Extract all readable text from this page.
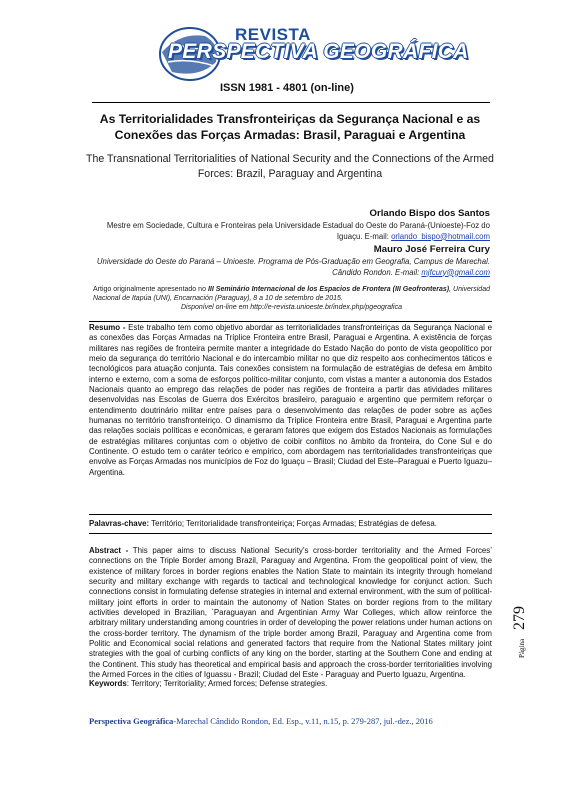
REVISTA
PERSPECTIVA GEOGRÁFICA
ISSN 1981 - 4801 (on-line)
As Territorialidades Transfronteiriças da Segurança Nacional e as Conexões das Forças Armadas: Brasil, Paraguai e Argentina
The Transnational Territorialities of National Security and the Connections of the Armed Forces: Brazil, Paraguay and Argentina
Orlando Bispo dos Santos
Mestre em Sociedade, Cultura e Fronteiras pela Universidade Estadual do Oeste do Paraná-(Unioeste)-Foz do Iguaçu. E-mail: orlando_bispo@hotmail.com
Mauro José Ferreira Cury
Universidade do Oeste do Paraná – Unioeste. Programa de Pós-Graduação em Geografia, Campus de Marechal. Cândido Rondon. E-mail: mjfcury@gmail.com
Artigo originalmente apresentado no III Seminário Internacional de los Espacios de Frontera (III Geofronteras), Universidad Nacional de Itapúa (UNI), Encarnación (Paraguay), 8 a 10 de setembro de 2015.
Disponível on-line em http://e-revista.unioeste.br/index.php/pgeografica
Resumo - Este trabalho tem como objetivo abordar as territorialidades transfronteiriças da Segurança Nacional e as conexões das Forças Armadas na Tríplice Fronteira entre Brasil, Paraguai e Argentina. A existência de forças militares nas regiões de fronteira permite manter a integridade do Estado Nação do ponto de vista geopolítico por meio da segurança do território Nacional e do intercambio militar no que diz respeito aos conhecimentos táticos e tecnológicos para atuação conjunta. Tais conexões consistem na formulação de estratégias de defesa em âmbito interno e externo, com a soma de esforços político-militar conjunto, com vistas a manter a autonomia dos Estados Nacionais quanto ao emprego das relações de poder nas regiões de fronteira a partir das atividades militares desenvolvidas nas Escolas de Guerra dos Exércitos brasileiro, paraguaio e argentino que permitem reforçar o entendimento doutrinário militar entre países para o desenvolvimento das relações de poder sobre as ações humanas no território transfronteiriço. O dinamismo da Tríplice Fronteira entre Brasil, Paraguai e Argentina parte das relações sociais políticas e econômicas, e geraram fatores que exigem dos Estados Nacionais as formulações de estratégias militares conjuntas com o objetivo de coibir conflitos no âmbito da fronteira, do Cone Sul e do Continente. O estudo tem o caráter teórico e empírico, com abordagem nas territorialidades transfronteiriças que envolve as Forças Armadas nos municípios de Foz do Iguaçu – Brasil; Ciudad del Este–Paraguai e Puerto Iguazu–Argentina.
Palavras-chave: Território; Territorialidade transfronteiriça; Forças Armadas; Estratégias de defesa.
Abstract - This paper aims to discuss National Security’s cross-border territoriality and the Armed Forces’ connections on the Triple Border among Brazil, Paraguay and Argentina. From the geopolitical point of view, the existence of military forces in border regions enables the Nation State to maintain its integrity through homeland security and military exchange with regards to tactical and technological knowledge for conjunct action. Such connections consist in formulating defense strategies in internal and external environment, with the sum of political-military joint efforts in order to maintain the autonomy of Nation States on border regions from to the military activities developed in Brazilian, `Paraguayan and Argentinian Army War Colleges, which allow reinforce the arbitrary military understanding among countries in order of developing the power relations under human actions on the cross-border territory. The dynamism of the triple border among Brazil, Paraguay and Argentina come from Politic and Economical social relations and generated factors that require from the National States military joint strategies with the goal of curbing conflicts of any king on the border, starting at the Southern Cone and ending at the Continent. This study has theoretical and empirical basis and approach the cross-border territorialities involving the Armed Forces in the cities of Iguassu - Brazil; Ciudad del Este - Paraguay and Puerto Iguazu, Argentina.
Keywords: Territory; Territoriality; Armed forces; Defense strategies.
Perspectiva Geográfica-Marechal Cândido Rondon, Ed. Esp., v.11, n.15, p. 279-287, jul.-dez., 2016
Página
279
